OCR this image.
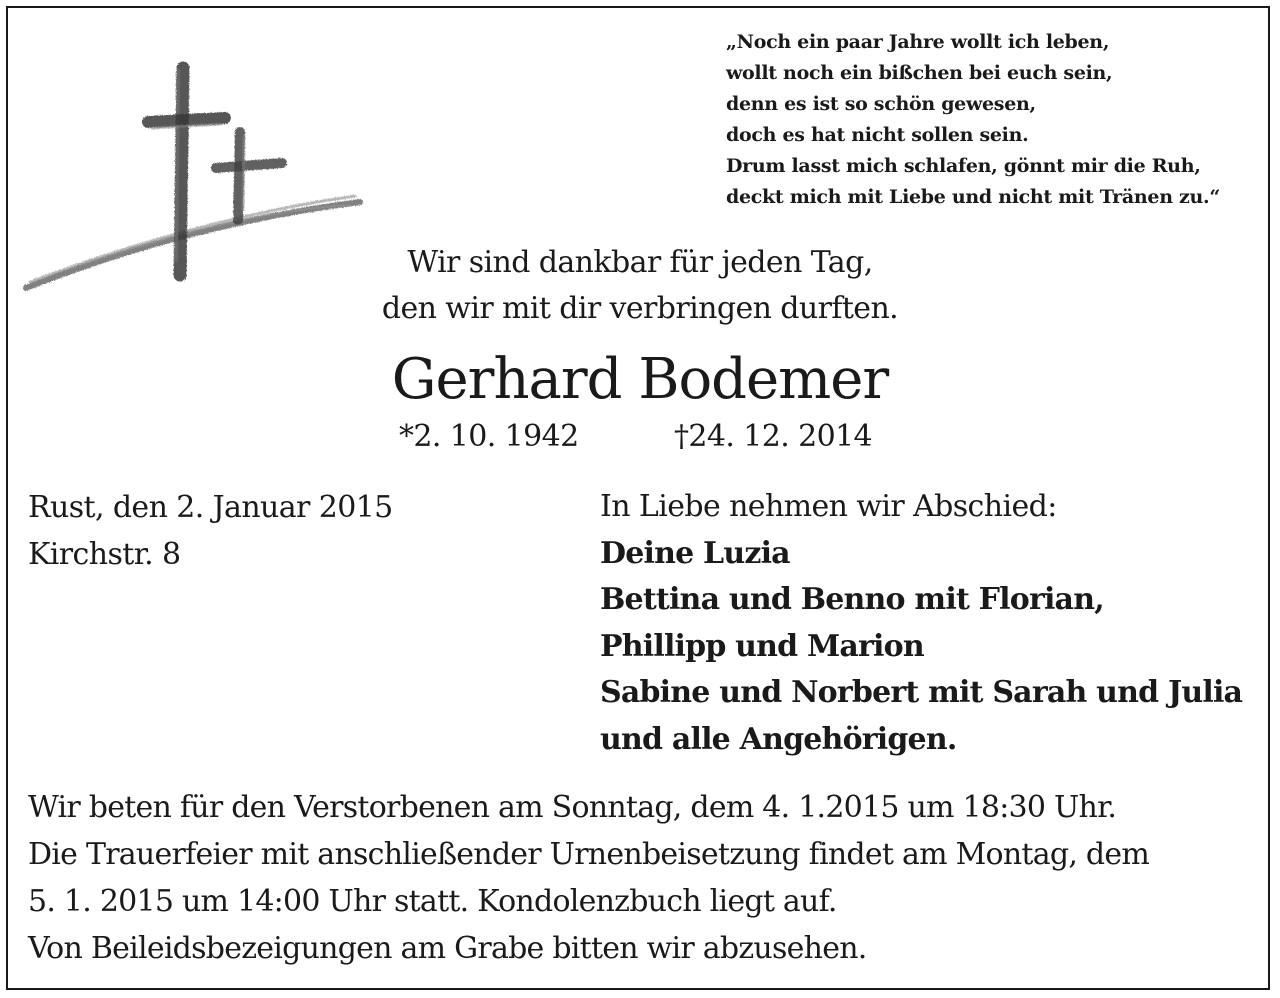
„Noch ein paar Jahre wollt ich leben,
wollt noch ein bißchen bei euch sein,
denn es ist so schön gewesen,
doch es hat nicht sollen sein.
Drum lasst mich schlafen, gönnt mir die Ruh,
deckt mich mit Liebe und nicht mit Tränen zu.“
Wir sind dankbar für jeden Tag,
den wir mit dir verbringen durften.
Gerhard Bodemer
*2. 10. 1942	†24. 12. 2014
Rust, den 2. Januar 2015
Kirchstr. 8
In Liebe nehmen wir Abschied:
Deine Luzia
Bettina und Benno mit Florian,
Phillipp und Marion
Sabine und Norbert mit Sarah und Julia
und alle Angehörigen.
Wir beten für den Verstorbenen am Sonntag, dem 4. 1.2015 um 18:30 Uhr.
Die Trauerfeier mit anschließender Urnenbeisetzung findet am Montag, dem
5. 1. 2015 um 14:00 Uhr statt. Kondolenzbuch liegt auf.
Von Beileidsbezeigungen am Grabe bitten wir abzusehen.
